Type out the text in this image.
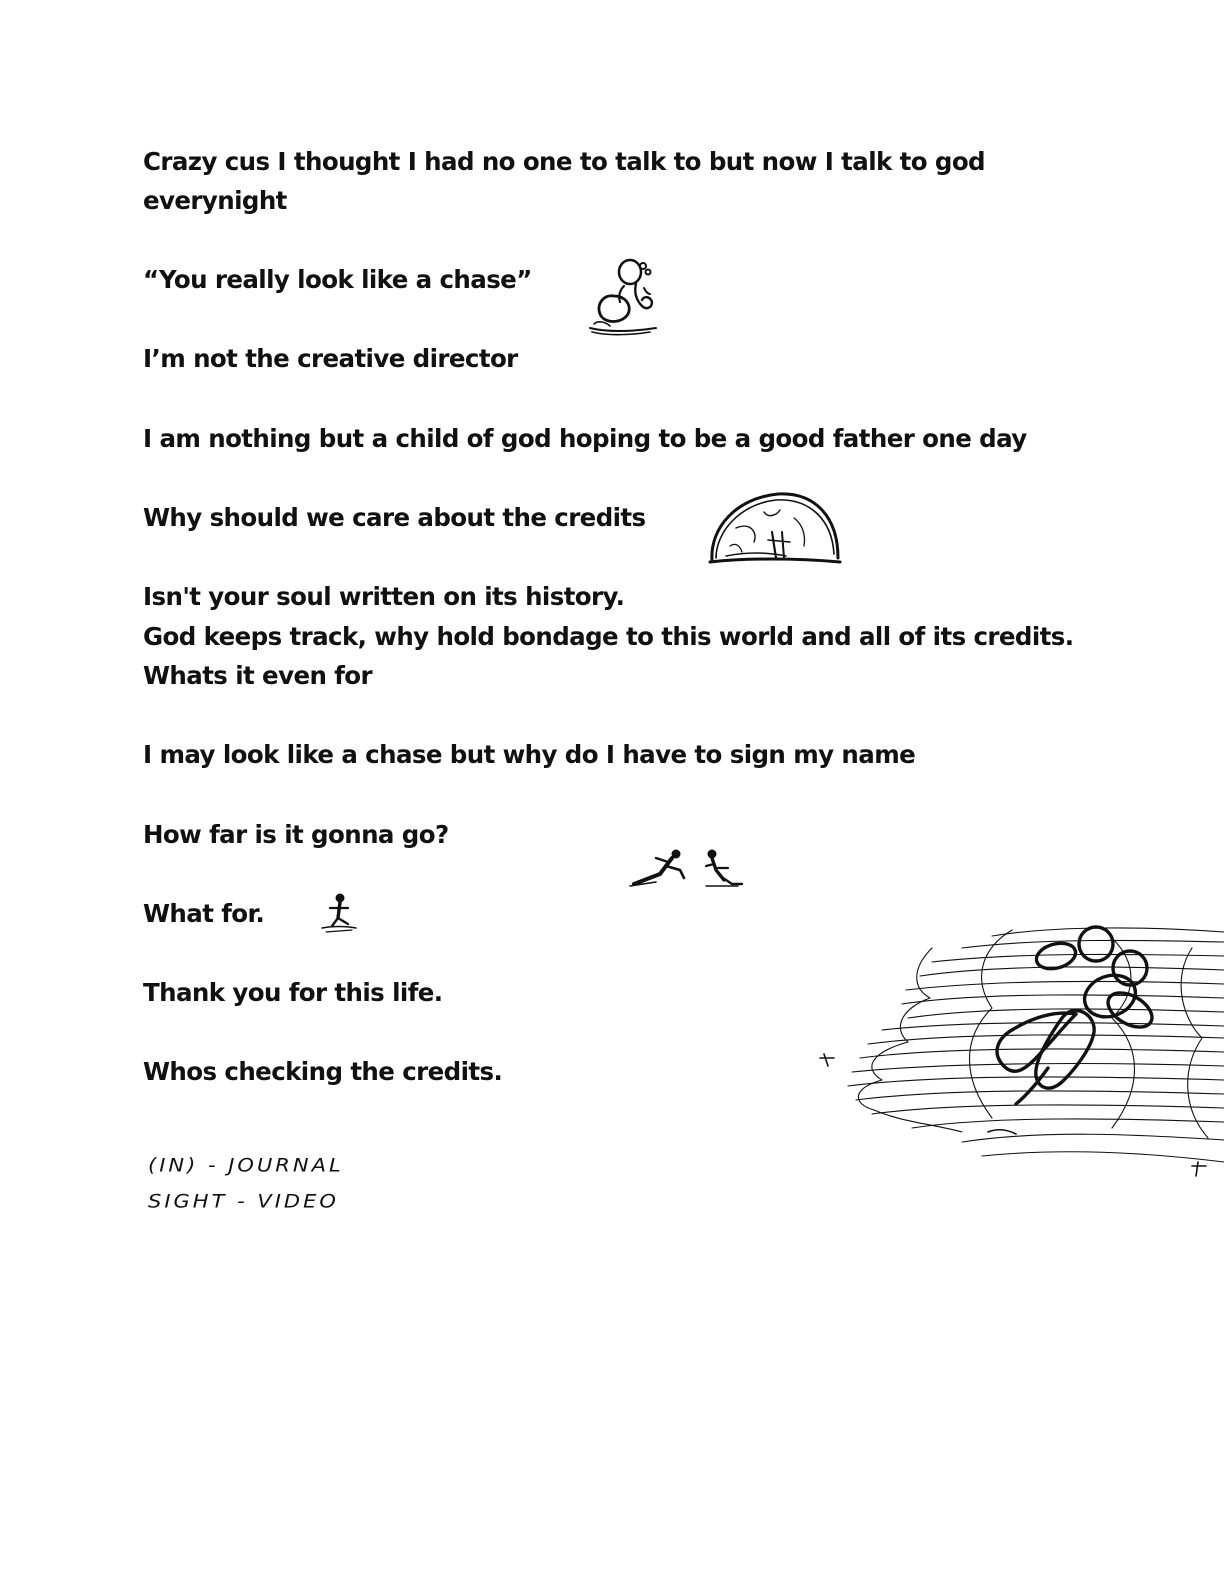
Crazy cus I thought I had no one to talk to but now I talk to god

everynight

“You really look like a chase”

I’m not the creative director

I am nothing but a child of god hoping to be a good father one day

Why should we care about the credits

Isn't your soul written on its history.

God keeps track, why hold bondage to this world and all of its credits.

Whats it even for

I may look like a chase but why do I have to sign my name

How far is it gonna go?

What for.

Thank you for this life.

Whos checking the credits.

(IN) - JOURNAL
SIGHT - VIDEO
